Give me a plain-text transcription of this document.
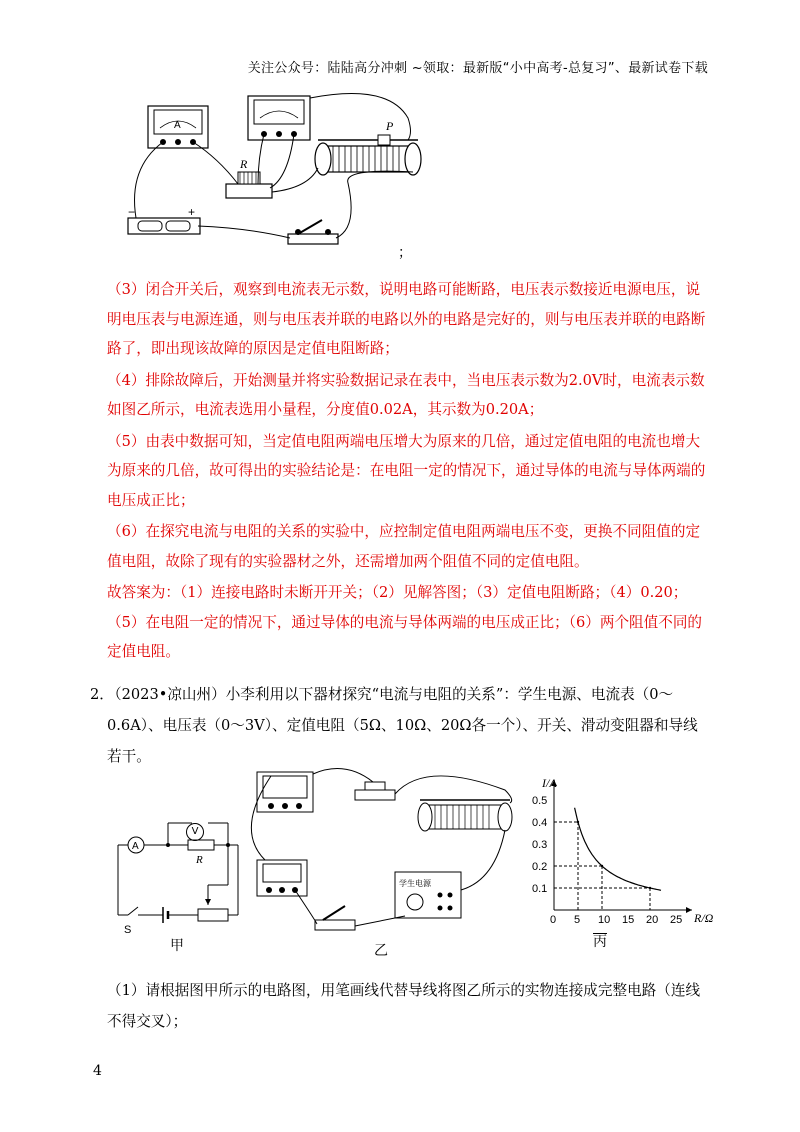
关注公众号：陆陆高分冲刺 ~领取：最新版“小中高考-总复习”、最新试卷下载
A
R
P
−	+
；

（3）闭合开关后，观察到电流表无示数，说明电路可能断路，电压表示数接近电源电压，说明电压表与电源连通，则与电压表并联的电路以外的电路是完好的，则与电压表并联的电路断路了，即出现该故障的原因是定值电阻断路；

（4）排除故障后，开始测量并将实验数据记录在表中，当电压表示数为2.0V时，电流表示数如图乙所示，电流表选用小量程，分度值0.02A，其示数为0.20A；

（5）由表中数据可知，当定值电阻两端电压增大为原来的几倍，通过定值电阻的电流也增大为原来的几倍，故可得出的实验结论是：在电阻一定的情况下，通过导体的电流与导体两端的电压成正比；

（6）在探究电流与电阻的关系的实验中，应控制定值电阻两端电压不变，更换不同阻值的定值电阻，故除了现有的实验器材之外，还需增加两个阻值不同的定值电阻。

故答案为：（1）连接电路时未断开开关；（2）见解答图；（3）定值电阻断路；（4）0.20；（5）在电阻一定的情况下，通过导体的电流与导体两端的电压成正比；（6）两个阻值不同的定值电阻。

2．
（2023•凉山州）小李利用以下器材探究“电流与电阻的关系”：学生电源、电流表（0～0.6A）、电压表（0～3V）、定值电阻（5Ω、10Ω、20Ω各一个）、开关、滑动变阻器和导线若干。
A
R
S
V
甲
学生电源
乙
I/A
R/Ω
0.5
0.4
0.3
0.2
0.1
0 5 10 15 20 25
丙
（1）请根据图甲所示的电路图，用笔画线代替导线将图乙所示的实物连接成完整电路（连线不得交叉）；
4
